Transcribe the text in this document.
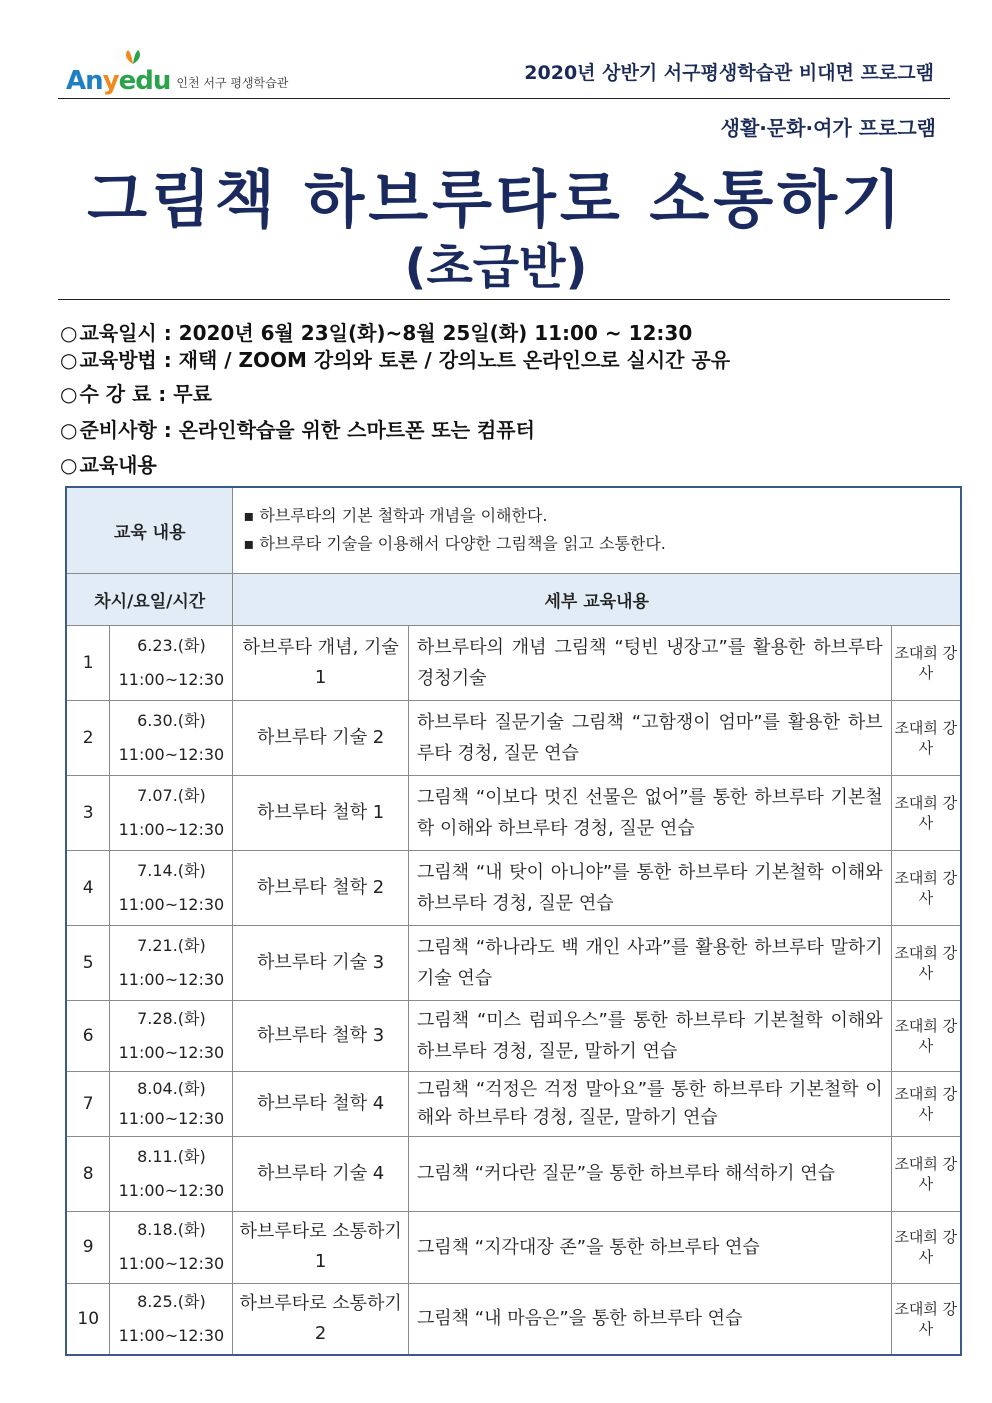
Anyedu 인천 서구 평생학습관	2020년 상반기 서구평생학습관 비대면 프로그램
생활·문화·여가 프로그램
그림책 하브루타로 소통하기
(초급반)
○ 교육일시 : 2020년 6월 23일(화)~8월 25일(화) 11:00 ~ 12:30
○ 교육방법 : 재택 / ZOOM 강의와 토론 / 강의노트 온라인으로 실시간 공유
○ 수 강 료 : 무료
○ 준비사항 : 온라인학습을 위한 스마트폰 또는 컴퓨터
○ 교육내용
교육 내용		▪ 하브루타의 기본 철학과 개념을 이해한다.
▪ 하브루타 기술을 이용해서 다양한 그림책을 읽고 소통한다.		

차시/요일/시간		세부 교육내용		
1	6.23.(화)
11:00~12:30	하브루타 개념, 기술 1	하브루타의 개념 그림책 “텅빈 냉장고”를 활용한 하브루타 경청기술	조대희 강사
2	6.30.(화)
11:00~12:30	하브루타 기술 2	하브루타 질문기술 그림책 “고함쟁이 엄마”를 활용한 하브루타 경청, 질문 연습	조대희 강사
3	7.07.(화)
11:00~12:30	하브루타 철학 1	그림책 “이보다 멋진 선물은 없어”를 통한 하브루타 기본철학 이해와 하브루타 경청, 질문 연습	조대희 강사
4	7.14.(화)
11:00~12:30	하브루타 철학 2	그림책 “내 탓이 아니야”를 통한 하브루타 기본철학 이해와 하브루타 경청, 질문 연습	조대희 강사
5	7.21.(화)
11:00~12:30	하브루타 기술 3	그림책 “하나라도 백 개인 사과”를 활용한 하브루타 말하기 기술 연습	조대희 강사
6	7.28.(화)
11:00~12:30	하브루타 철학 3	그림책 “미스 럼피우스”를 통한 하브루타 기본철학 이해와 하브루타 경청, 질문, 말하기 연습	조대희 강사
7	8.04.(화)
11:00~12:30	하브루타 철학 4	그림책 “걱정은 걱정 말아요”를 통한 하브루타 기본철학 이해와 하브루타 경청, 질문, 말하기 연습	조대희 강사
8	8.11.(화)
11:00~12:30	하브루타 기술 4	그림책 “커다란 질문”을 통한 하브루타 해석하기 연습	조대희 강사
9	8.18.(화)
11:00~12:30	하브루타로 소통하기 1	그림책 “지각대장 존”을 통한 하브루타 연습	조대희 강사
10	8.25.(화)
11:00~12:30	하브루타로 소통하기 2	그림책 “내 마음은”을 통한 하브루타 연습	조대희 강사
